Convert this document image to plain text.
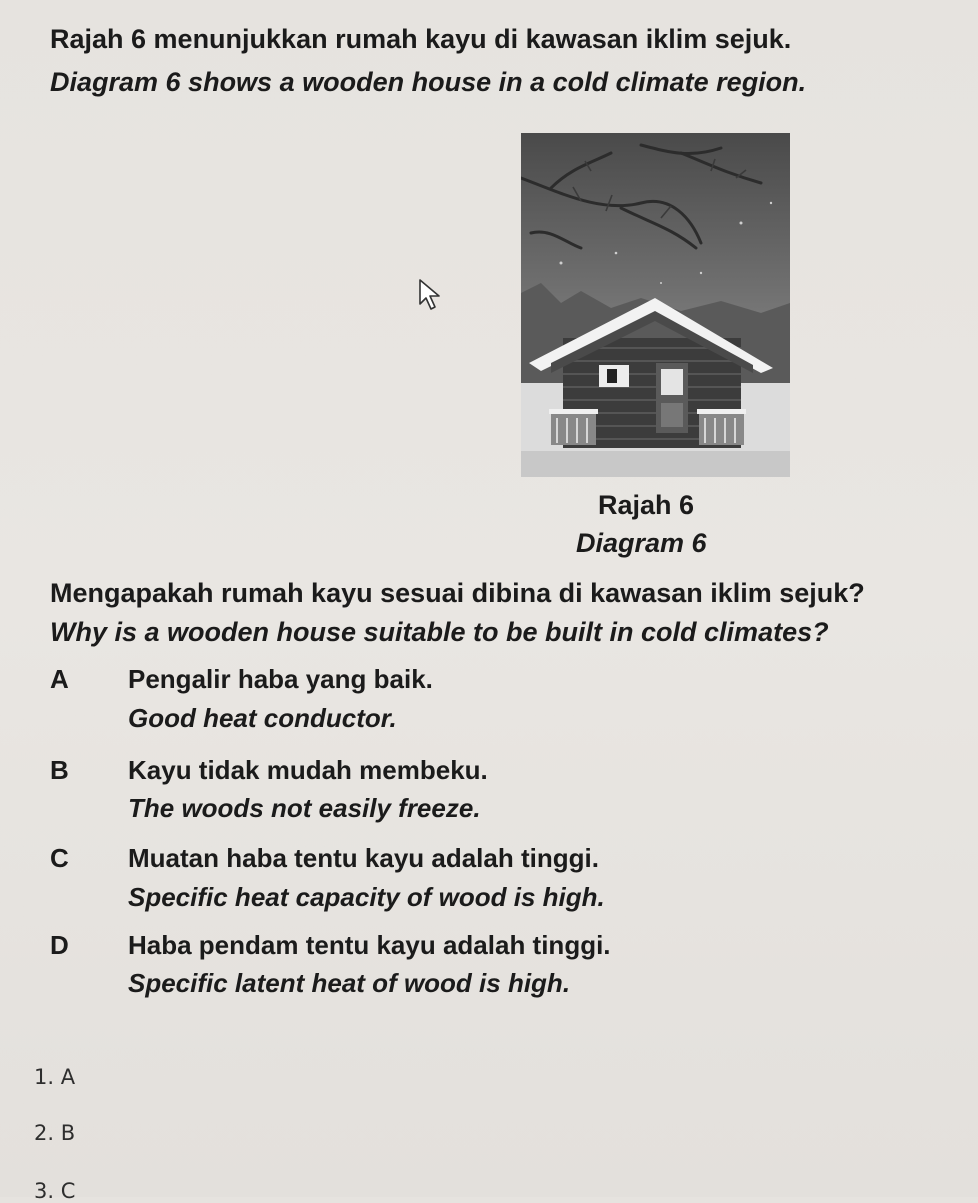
Rajah 6 menunjukkan rumah kayu di kawasan iklim sejuk.
Diagram 6 shows a wooden house in a cold climate region.
Rajah 6
Diagram 6
Mengapakah rumah kayu sesuai dibina di kawasan iklim sejuk?
Why is a wooden house suitable to be built in cold climates?
A Pengalir haba yang baik.
Good heat conductor.
B Kayu tidak mudah membeku.
The woods not easily freeze.
C Muatan haba tentu kayu adalah tinggi.
Specific heat capacity of wood is high.
D Haba pendam tentu kayu adalah tinggi.
Specific latent heat of wood is high.
1. A
2. B
3. C
